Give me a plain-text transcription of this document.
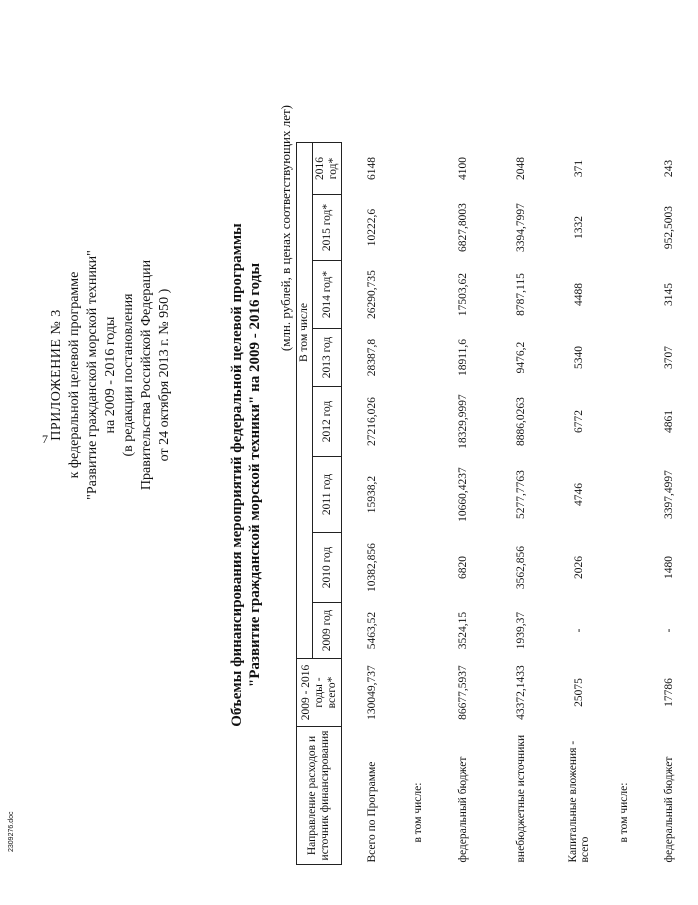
7
2309276.doc
ПРИЛОЖЕНИЕ № 3 к федеральной целевой программе "Развитие гражданской морской техники" на 2009 - 2016 годы (в редакции постановления Правительства Российской Федерации от 24 октября 2013 г. № 950 )	Объемы финансирования мероприятий федеральной целевой программы "Развитие гражданской морской техники" на 2009 - 2016 годы
(млн. рублей, в ценах соответствующих лет)
Направление расходов и источник финансирования	2009 - 2016 годы - всего*	В том числе							
		2009 год	2010 год	2011 год	2012 год	2013 год	2014 год*	2015 год*	2016 год*
Всего по Программе	130049,737	5463,52	10382,856	15938,2	27216,026	28387,8	26290,735	10222,6	6148
в том числе:									
федеральный бюджет	86677,5937	3524,15	6820	10660,4237	18329,9997	18911,6	17503,62	6827,8003	4100
внебюджетные источники	43372,1433	1939,37	3562,856	5277,7763	8886,0263	9476,2	8787,115	3394,7997	2048
Капитальные вложения - всего	25075	-	2026	4746	6772	5340	4488	1332	371
в том числе:									
федеральный бюджет	17786	-	1480	3397,4997	4861	3707	3145	952,5003	243
